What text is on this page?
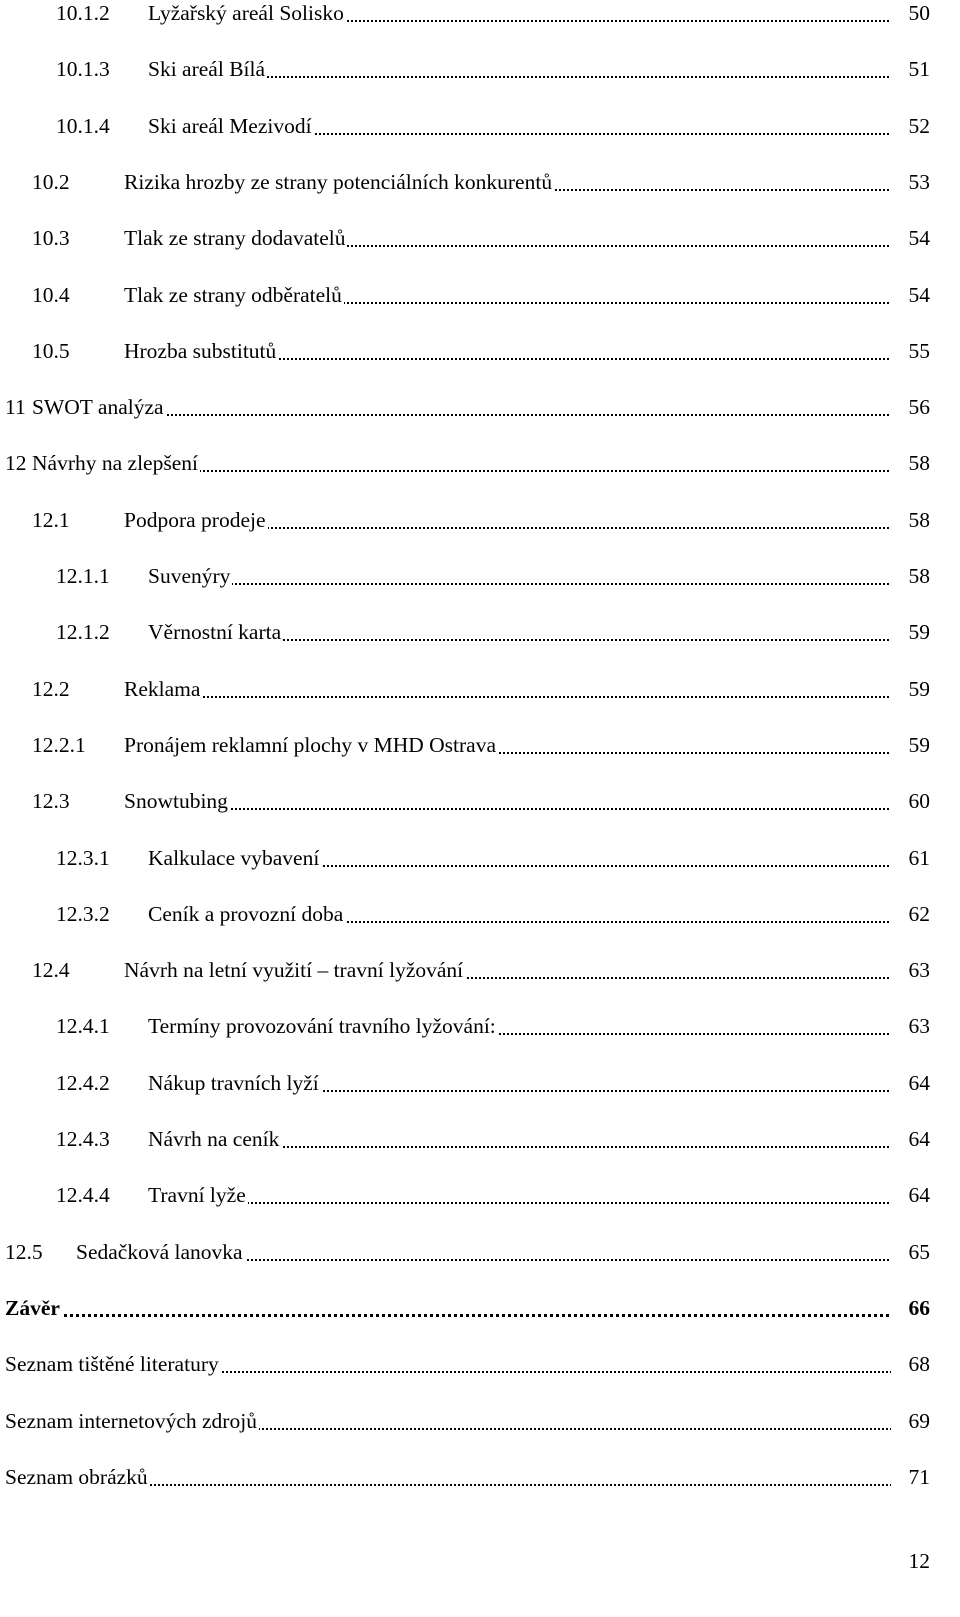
10.1.2 Lyžařský areál Solisko	50
10.1.3 Ski areál Bílá	51
10.1.4 Ski areál Mezivodí	52
10.2	Rizika hrozby ze strany potenciálních konkurentů	53
10.3	Tlak ze strany dodavatelů	54
10.4	Tlak ze strany odběratelů	54
10.5	Hrozba substitutů	55
11 SWOT analýza	56
12 Návrhy na zlepšení	58
12.1	Podpora prodeje	58
12.1.1 Suvenýry	58
12.1.2 Věrnostní karta	59
12.2	Reklama	59
12.2.1 Pronájem reklamní plochy v MHD Ostrava	59
12.3	Snowtubing	60
12.3.1 Kalkulace vybavení	61
12.3.2 Ceník a provozní doba	62
12.4	Návrh na letní využití – travní lyžování	63
12.4.1 Termíny provozování travního lyžování:	63
12.4.2 Nákup travních lyží	64
12.4.3 Návrh na ceník	64
12.4.4 Travní lyže	64
12.5 Sedačková lanovka	65
Závěr	66
Seznam tištěné literatury	68
Seznam internetových zdrojů	69
Seznam obrázků	71
12
